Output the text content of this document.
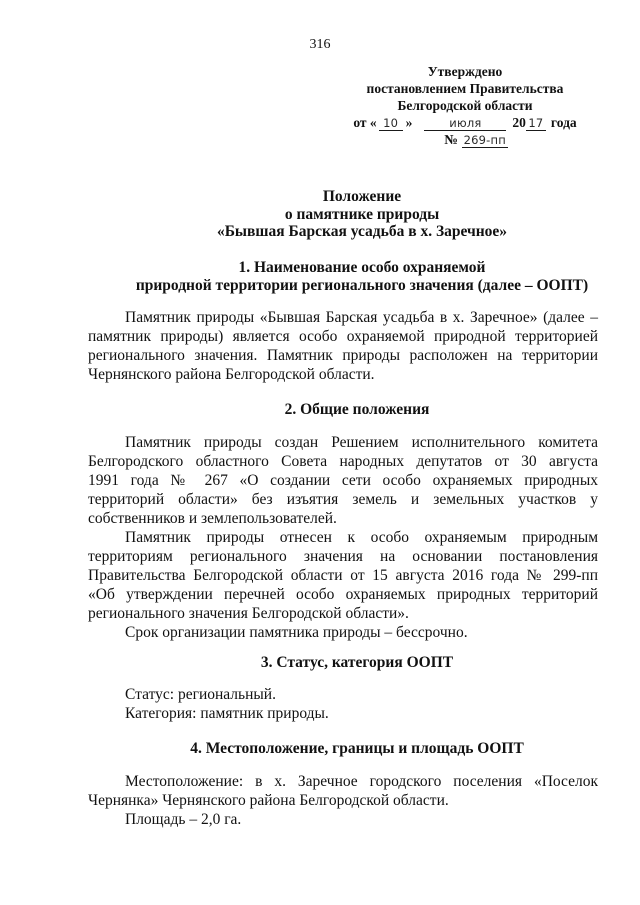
316
Утверждено
постановлением Правительства
Белгородской области
от « 10 »	июля 20 17 года
№ 269-пп
Положение
о памятнике природы
«Бывшая Барская усадьба в х. Заречное»
1. Наименование особо охраняемой
природной территории регионального значения (далее – ООПТ)
Памятник природы «Бывшая Барская усадьба в х. Заречное» (далее –
памятник природы) является особо охраняемой природной территорией
регионального значения. Памятник природы расположен на территории
Чернянского района Белгородской области.
2. Общие положения
Памятник природы создан Решением исполнительного комитета
Белгородского областного Совета народных депутатов от 30 августа
1991 года № 267 «О создании сети особо охраняемых природных
территорий области» без изъятия земель и земельных участков у
собственников и землепользователей.
Памятник природы отнесен к особо охраняемым природным
территориям регионального значения на основании постановления
Правительства Белгородской области от 15 августа 2016 года № 299-пп
«Об утверждении перечней особо охраняемых природных территорий
регионального значения Белгородской области».
Срок организации памятника природы – бессрочно.
3. Статус, категория ООПТ
Статус: региональный.
Категория: памятник природы.
4. Местоположение, границы и площадь ООПТ
Местоположение: в х. Заречное городского поселения «Поселок
Чернянка» Чернянского района Белгородской области.
Площадь – 2,0 га.
